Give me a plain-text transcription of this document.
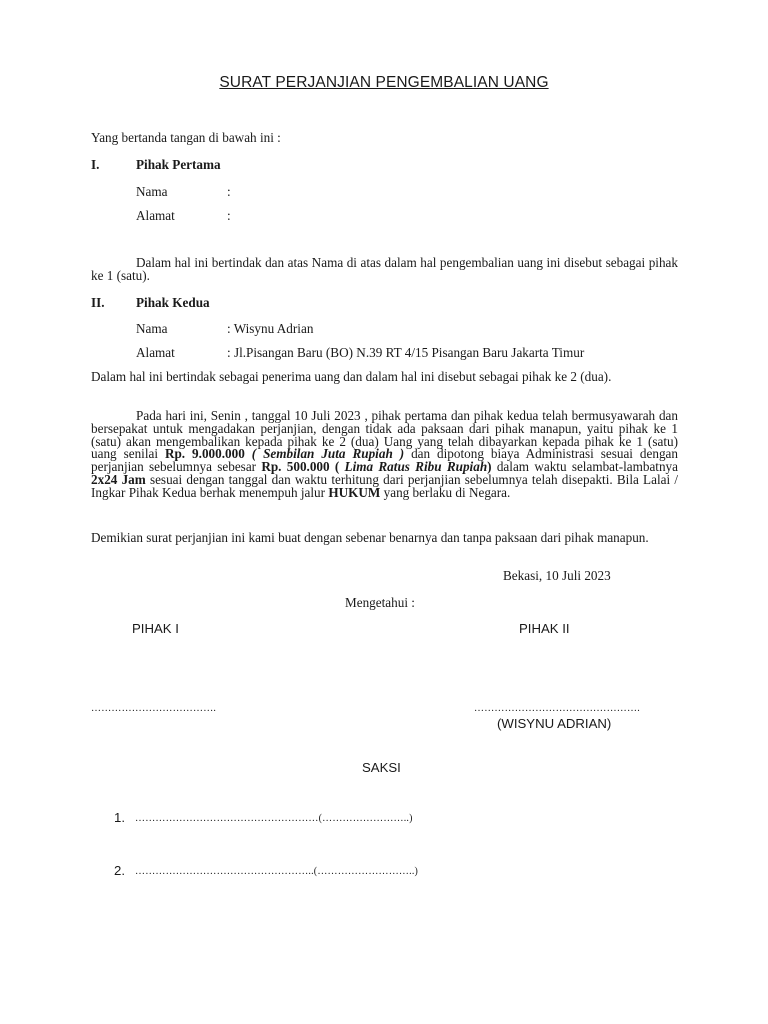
SURAT PERJANJIAN PENGEMBALIAN UANG
Yang bertanda tangan di bawah ini :
I.	Pihak Pertama
Nama	:
Alamat	:
Dalam hal ini bertindak dan atas Nama di atas dalam hal pengembalian uang ini disebut sebagai pihak ke 1 (satu).
II. Pihak Kedua
Nama	: Wisynu Adrian
Alamat	: Jl.Pisangan Baru (BO) N.39 RT 4/15 Pisangan Baru Jakarta Timur
Dalam hal ini bertindak sebagai penerima uang dan dalam hal ini disebut sebagai pihak ke 2 (dua).
Pada hari ini, Senin , tanggal 10 Juli 2023 , pihak pertama dan pihak kedua telah bermusyawarah dan bersepakat untuk mengadakan perjanjian, dengan tidak ada paksaan dari pihak manapun, yaitu pihak ke 1 (satu) akan mengembalikan kepada pihak ke 2 (dua) Uang yang telah dibayarkan kepada pihak ke 1 (satu) uang senilai Rp. 9.000.000 ( Sembilan Juta Rupiah ) dan dipotong biaya Administrasi sesuai dengan perjanjian sebelumnya sebesar Rp. 500.000 ( Lima Ratus Ribu Rupiah) dalam waktu selambat-lambatnya 2x24 Jam sesuai dengan tanggal dan waktu terhitung dari perjanjian sebelumnya telah disepakti. Bila Lalai / Ingkar Pihak Kedua berhak menempuh jalur HUKUM yang berlaku di Negara.
Demikian surat perjanjian ini kami buat dengan sebenar benarnya dan tanpa paksaan dari pihak manapun.
Bekasi, 10 Juli 2023
Mengetahui :
PIHAK I	PIHAK II
……………………………….	………………………………………….
(WISYNU ADRIAN)
SAKSI
1. ………………………………………………(……………………..)
2. ……………………………………………..(………………………..)
